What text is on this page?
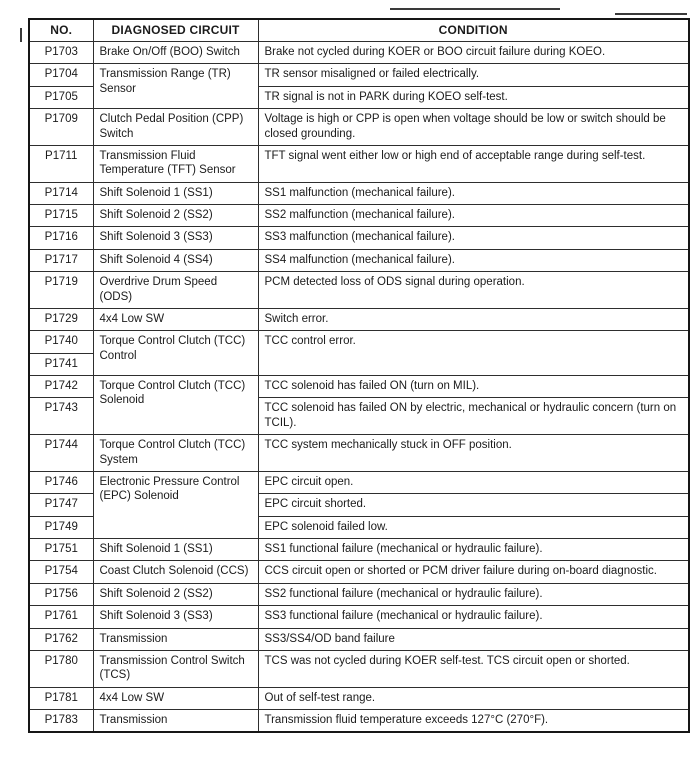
NO.	DIAGNOSED CIRCUIT	CONDITION
P1703	Brake On/Off (BOO) Switch	Brake not cycled during KOER or BOO circuit failure during KOEO.
P1704	Transmission Range (TR) Sensor	TR sensor misaligned or failed electrically.
P1705		TR signal is not in PARK during KOEO self-test.
P1709	Clutch Pedal Position (CPP) Switch	Voltage is high or CPP is open when voltage should be low or switch should be closed grounding.
P1711	Transmission Fluid Temperature (TFT) Sensor	TFT signal went either low or high end of acceptable range during self-test.
P1714	Shift Solenoid 1 (SS1)	SS1 malfunction (mechanical failure).
P1715	Shift Solenoid 2 (SS2)	SS2 malfunction (mechanical failure).
P1716	Shift Solenoid 3 (SS3)	SS3 malfunction (mechanical failure).
P1717	Shift Solenoid 4 (SS4)	SS4 malfunction (mechanical failure).
P1719	Overdrive Drum Speed (ODS)	PCM detected loss of ODS signal during operation.
P1729	4x4 Low SW	Switch error.
P1740	Torque Control Clutch (TCC) Control	TCC control error.
P1741		
P1742	Torque Control Clutch (TCC) Solenoid	TCC solenoid has failed ON (turn on MIL).
P1743		TCC solenoid has failed ON by electric, mechanical or hydraulic concern (turn on TCIL).
P1744	Torque Control Clutch (TCC) System	TCC system mechanically stuck in OFF position.
P1746	Electronic Pressure Control (EPC) Solenoid	EPC circuit open.
P1747		EPC circuit shorted.
P1749		EPC solenoid failed low.
P1751	Shift Solenoid 1 (SS1)	SS1 functional failure (mechanical or hydraulic failure).
P1754	Coast Clutch Solenoid (CCS)	CCS circuit open or shorted or PCM driver failure during on-board diagnostic.
P1756	Shift Solenoid 2 (SS2)	SS2 functional failure (mechanical or hydraulic failure).
P1761	Shift Solenoid 3 (SS3)	SS3 functional failure (mechanical or hydraulic failure).
P1762	Transmission	SS3/SS4/OD band failure
P1780	Transmission Control Switch (TCS)	TCS was not cycled during KOER self-test. TCS circuit open or shorted.
P1781	4x4 Low SW	Out of self-test range.
P1783	Transmission	Transmission fluid temperature exceeds 127°C (270°F).
